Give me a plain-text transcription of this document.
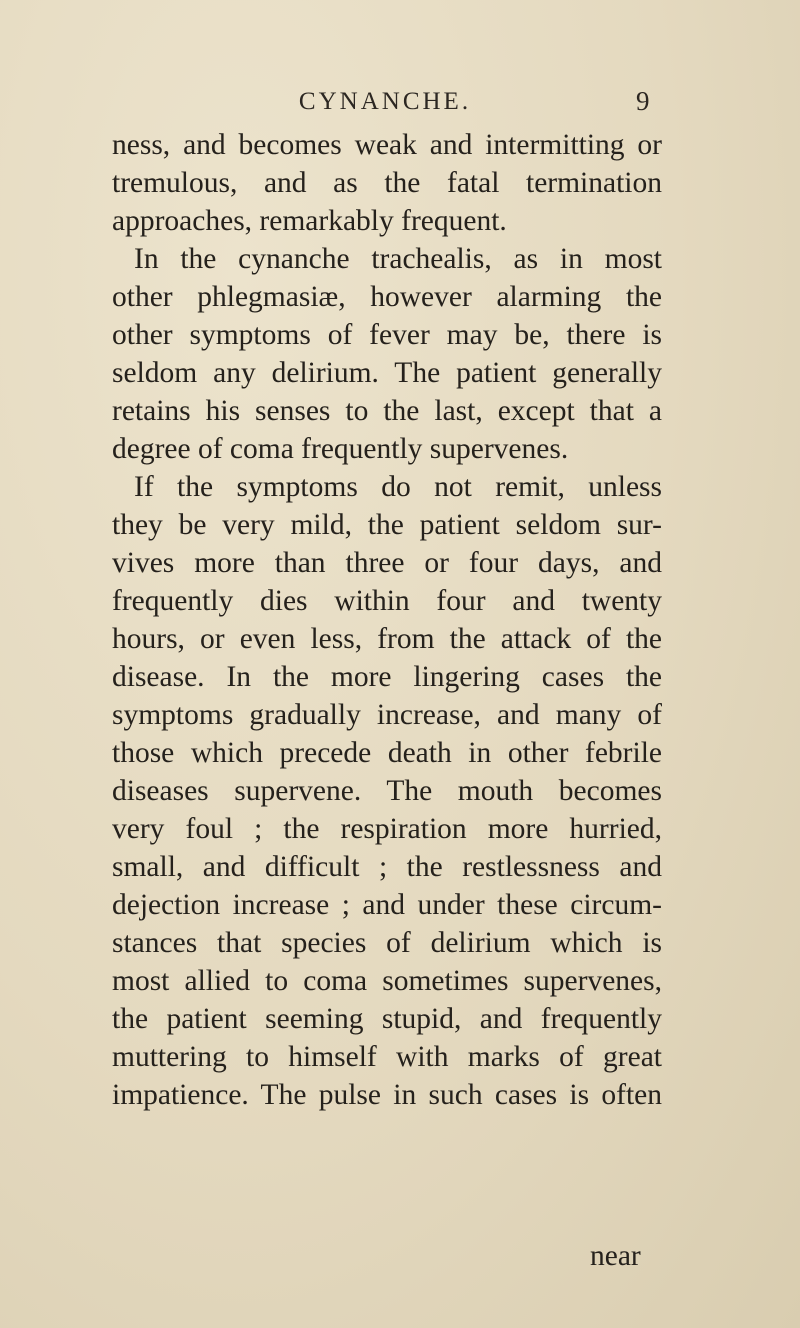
CYNANCHE.	9
ness, and becomes weak and intermitting or
tremulous, and as the fatal termination
approaches, remarkably frequent.
In the cynanche trachealis, as in most
other phlegmasiæ, however alarming the
other symptoms of fever may be, there is
seldom any delirium. The patient generally
retains his senses to the last, except that a
degree of coma frequently supervenes.
If the symptoms do not remit, unless
they be very mild, the patient seldom sur-
vives more than three or four days, and
frequently dies within four and twenty
hours, or even less, from the attack of the
disease. In the more lingering cases the
symptoms gradually increase, and many of
those which precede death in other febrile
diseases supervene. The mouth becomes
very foul ; the respiration more hurried,
small, and difficult ; the restlessness and
dejection increase ; and under these circum-
stances that species of delirium which is
most allied to coma sometimes supervenes,
the patient seeming stupid, and frequently
muttering to himself with marks of great
impatience. The pulse in such cases is often
near
